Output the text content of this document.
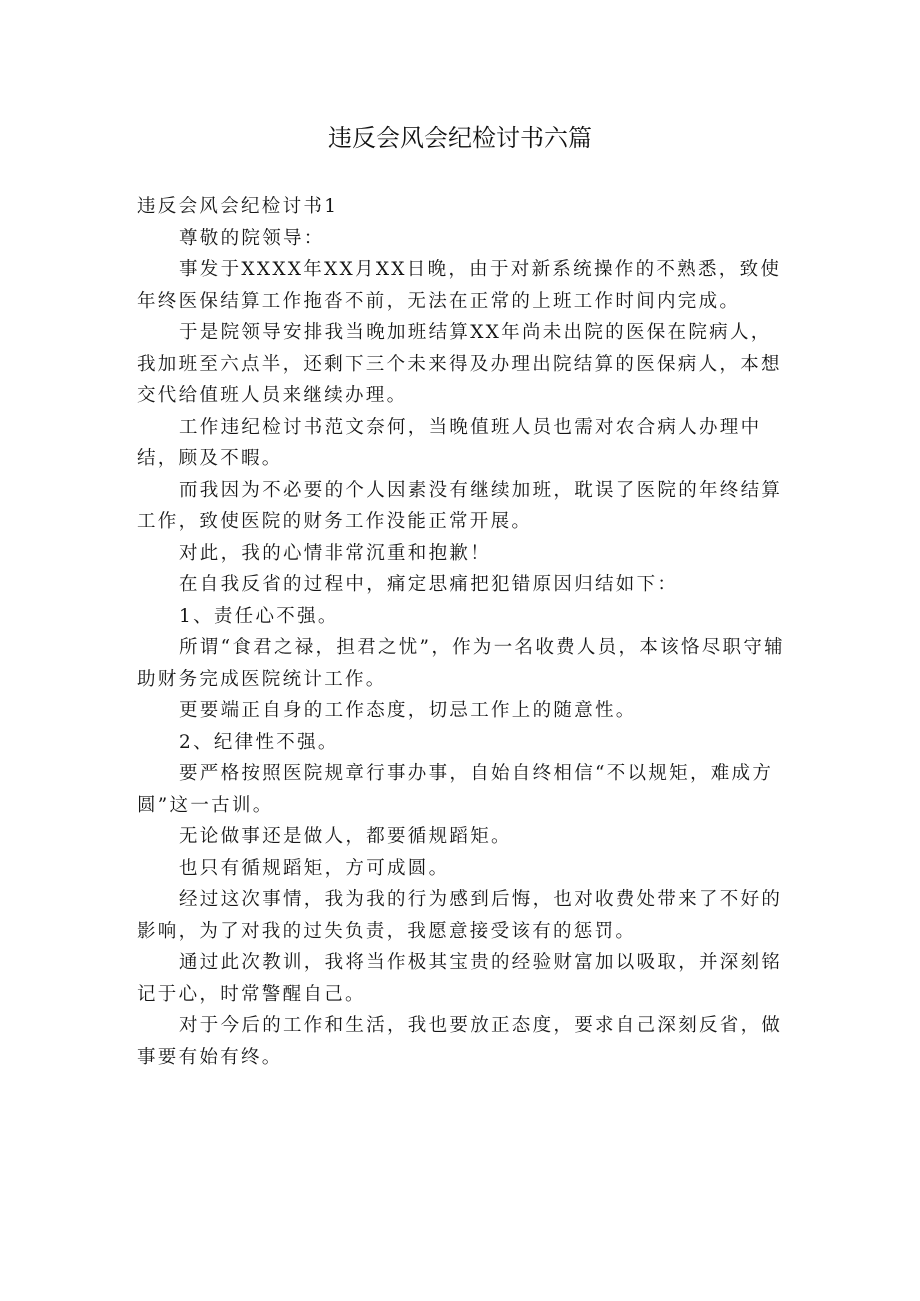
违反会风会纪检讨书六篇

违反会风会纪检讨书1

尊敬的院领导：

事发于XXXX年XX月XX日晚，由于对新系统操作的不熟悉，致使年终医保结算工作拖沓不前，无法在正常的上班工作时间内完成。

于是院领导安排我当晚加班结算XX年尚未出院的医保在院病人，我加班至六点半，还剩下三个未来得及办理出院结算的医保病人，本想交代给值班人员来继续办理。

工作违纪检讨书范文奈何，当晚值班人员也需对农合病人办理中结，顾及不暇。

而我因为不必要的个人因素没有继续加班，耽误了医院的年终结算工作，致使医院的财务工作没能正常开展。

对此，我的心情非常沉重和抱歉！

在自我反省的过程中，痛定思痛把犯错原因归结如下：

1、责任心不强。

所谓“食君之禄，担君之忧”，作为一名收费人员，本该恪尽职守辅助财务完成医院统计工作。

更要端正自身的工作态度，切忌工作上的随意性。

2、纪律性不强。

要严格按照医院规章行事办事，自始自终相信“不以规矩，难成方圆”这一古训。

无论做事还是做人，都要循规蹈矩。

也只有循规蹈矩，方可成圆。

经过这次事情，我为我的行为感到后悔，也对收费处带来了不好的影响，为了对我的过失负责，我愿意接受该有的惩罚。

通过此次教训，我将当作极其宝贵的经验财富加以吸取，并深刻铭记于心，时常警醒自己。

对于今后的工作和生活，我也要放正态度，要求自己深刻反省，做事要有始有终。
